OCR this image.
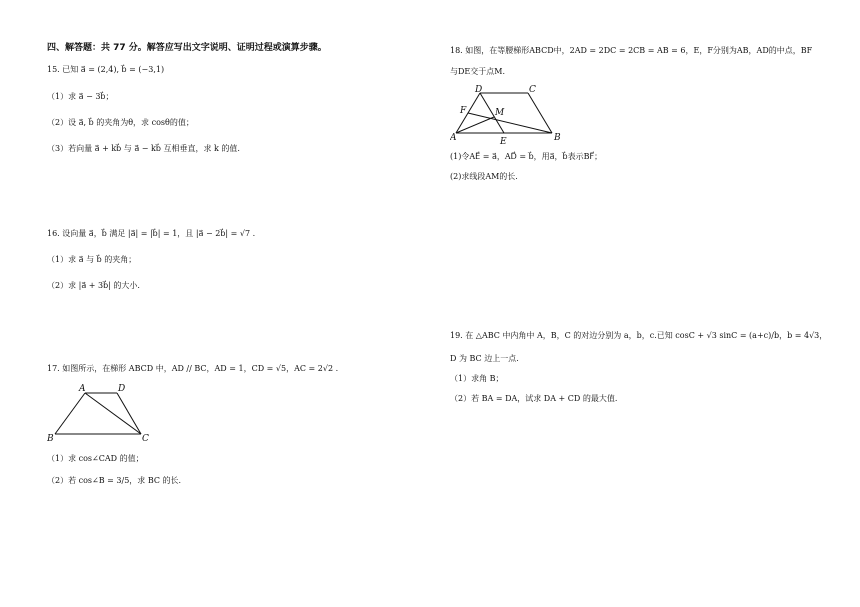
四、解答题：共 77 分。解答应写出文字说明、证明过程或演算步骤。
15. 已知 a⃗ = (2,4), b⃗ = (−3,1)
（1）求 a⃗ − 3b⃗；
（2）设 a⃗, b⃗ 的夹角为θ，求 cosθ的值；
（3）若向量 a⃗ + kb⃗ 与 a⃗ − kb⃗ 互相垂直，求 k 的值.
16. 设向量 a⃗，b⃗ 满足 |a⃗| = |b⃗| = 1，且 |a⃗ − 2b⃗| = √7 .
（1）求 a⃗ 与 b⃗ 的夹角；
（2）求 |a⃗ + 3b⃗| 的大小.
17. 如图所示，在梯形 ABCD 中，AD // BC，AD = 1，CD = √5，AC = 2√2 .
A	D
B	C
（1）求 cos∠CAD 的值；
（2）若 cos∠B = 3/5，求 BC 的长.
18. 如图，在等腰梯形ABCD中，2AD = 2DC = 2CB = AB = 6，E，F分别为AB，AD的中点，BF
与DE交于点M.
D	C
F	M
A	E	B
(1)令AE⃗ = a⃗，AD⃗ = b⃗，用a⃗，b⃗表示BF⃗；
(2)求线段AM的长.
19. 在 △ABC 中内角中 A，B，C 的对边分别为 a，b，c.已知 cosC + √3 sinC = (a+c)/b，b = 4√3，
D 为 BC 边上一点.
（1）求角 B；
（2）若 BA = DA，试求 DA + CD 的最大值.
